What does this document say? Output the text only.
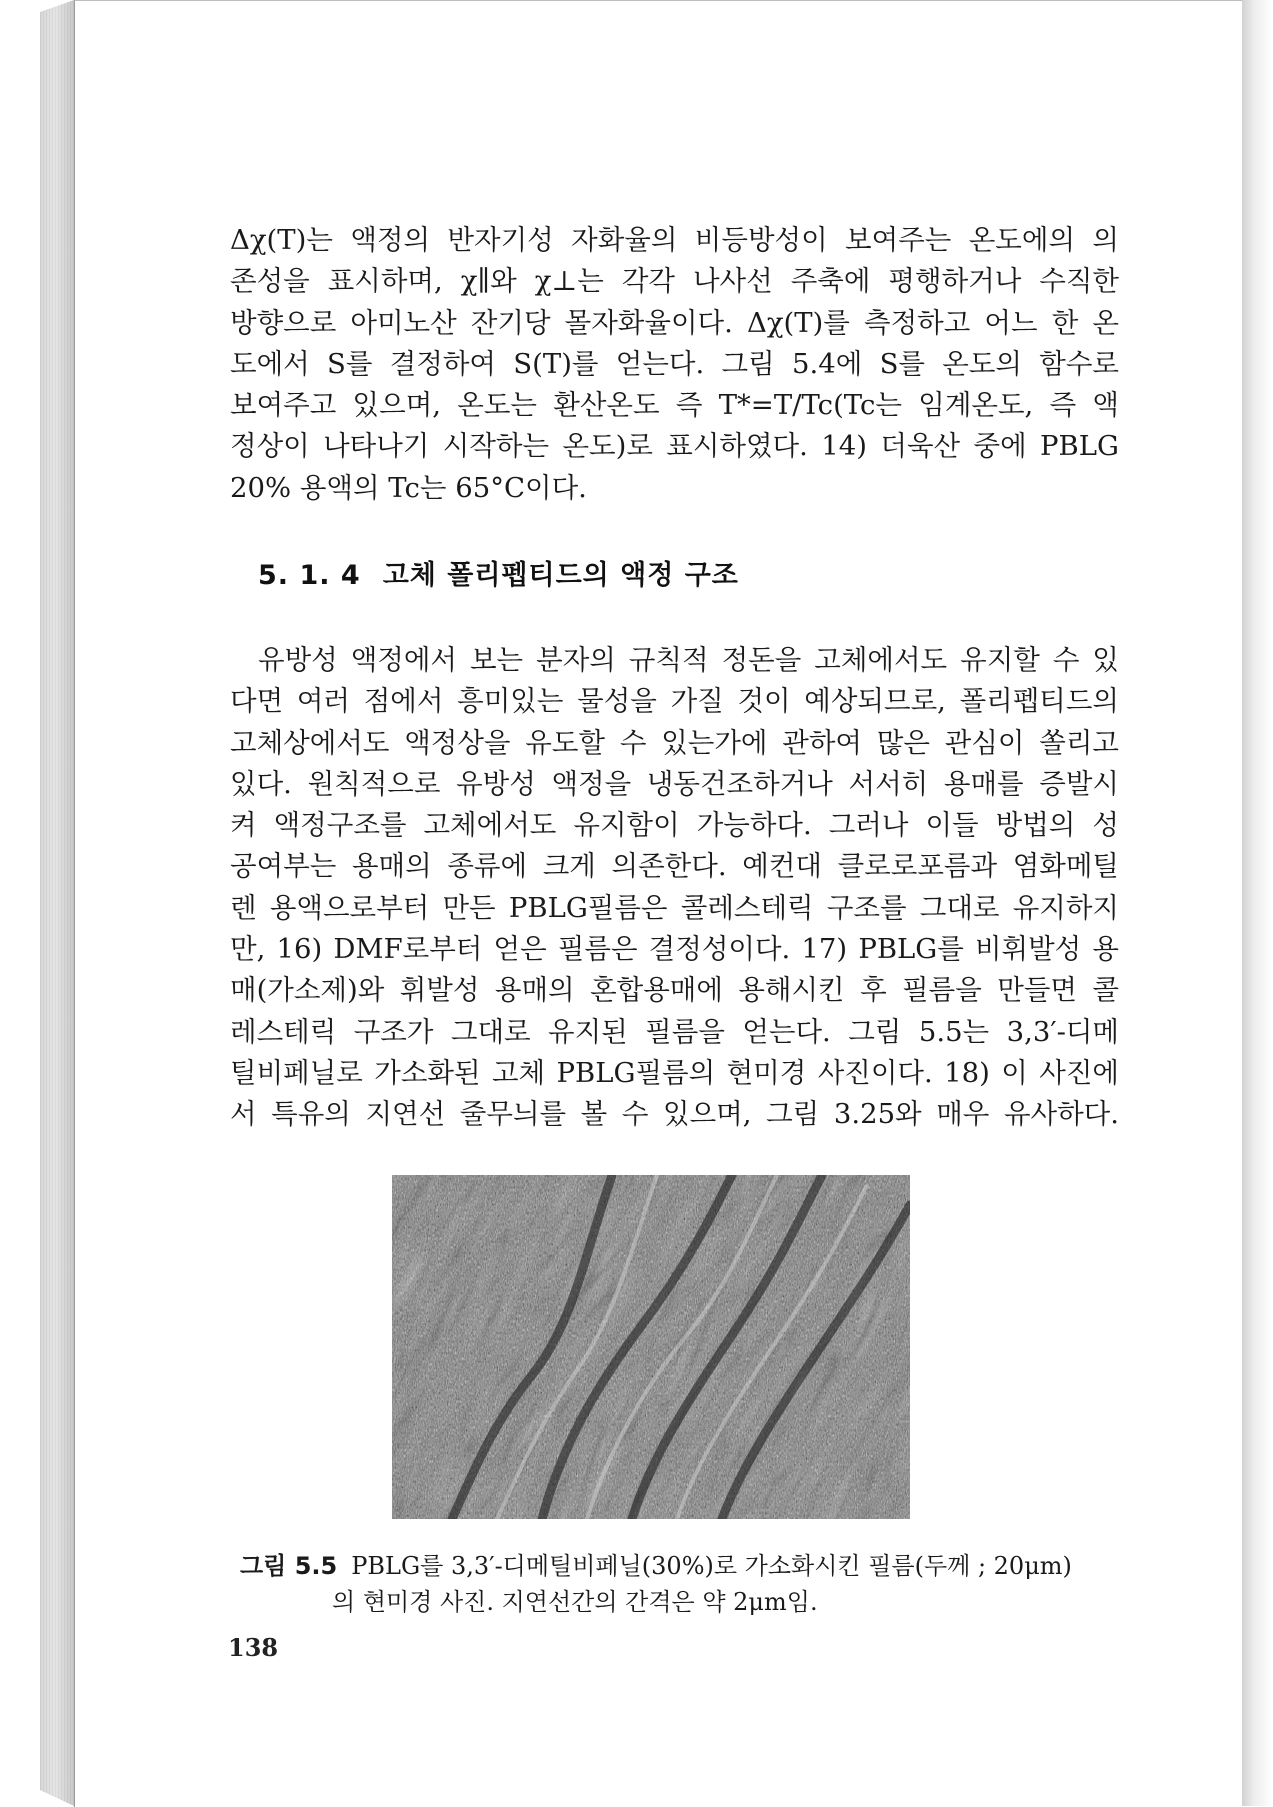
Δχ(T)는 액정의 반자기성 자화율의 비등방성이 보여주는 온도에의 의
존성을 표시하며, χ∥와 χ⊥는 각각 나사선 주축에 평행하거나 수직한
방향으로 아미노산 잔기당 몰자화율이다. Δχ(T)를 측정하고 어느 한 온
도에서 S를 결정하여 S(T)를 얻는다. 그림 5.4에 S를 온도의 함수로
보여주고 있으며, 온도는 환산온도 즉 T*=T/Tc(Tc는 임계온도, 즉 액
정상이 나타나기 시작하는 온도)로 표시하였다. 14) 더욱산 중에 PBLG
20% 용액의 Tc는 65°C이다.
5. 1. 4 고체 폴리펩티드의 액정 구조
유방성 액정에서 보는 분자의 규칙적 정돈을 고체에서도 유지할 수 있
다면 여러 점에서 흥미있는 물성을 가질 것이 예상되므로, 폴리펩티드의
고체상에서도 액정상을 유도할 수 있는가에 관하여 많은 관심이 쏠리고
있다. 원칙적으로 유방성 액정을 냉동건조하거나 서서히 용매를 증발시
켜 액정구조를 고체에서도 유지함이 가능하다. 그러나 이들 방법의 성
공여부는 용매의 종류에 크게 의존한다. 예컨대 클로로포름과 염화메틸
렌 용액으로부터 만든 PBLG필름은 콜레스테릭 구조를 그대로 유지하지
만, 16) DMF로부터 얻은 필름은 결정성이다. 17) PBLG를 비휘발성 용
매(가소제)와 휘발성 용매의 혼합용매에 용해시킨 후 필름을 만들면 콜
레스테릭 구조가 그대로 유지된 필름을 얻는다. 그림 5.5는 3,3′-디메
틸비페닐로 가소화된 고체 PBLG필름의 현미경 사진이다. 18) 이 사진에
서 특유의 지연선 줄무늬를 볼 수 있으며, 그림 3.25와 매우 유사하다.
그림 5.5 PBLG를 3,3′-디메틸비페닐(30%)로 가소화시킨 필름(두께 ; 20μm)
의 현미경 사진. 지연선간의 간격은 약 2μm임.
138
